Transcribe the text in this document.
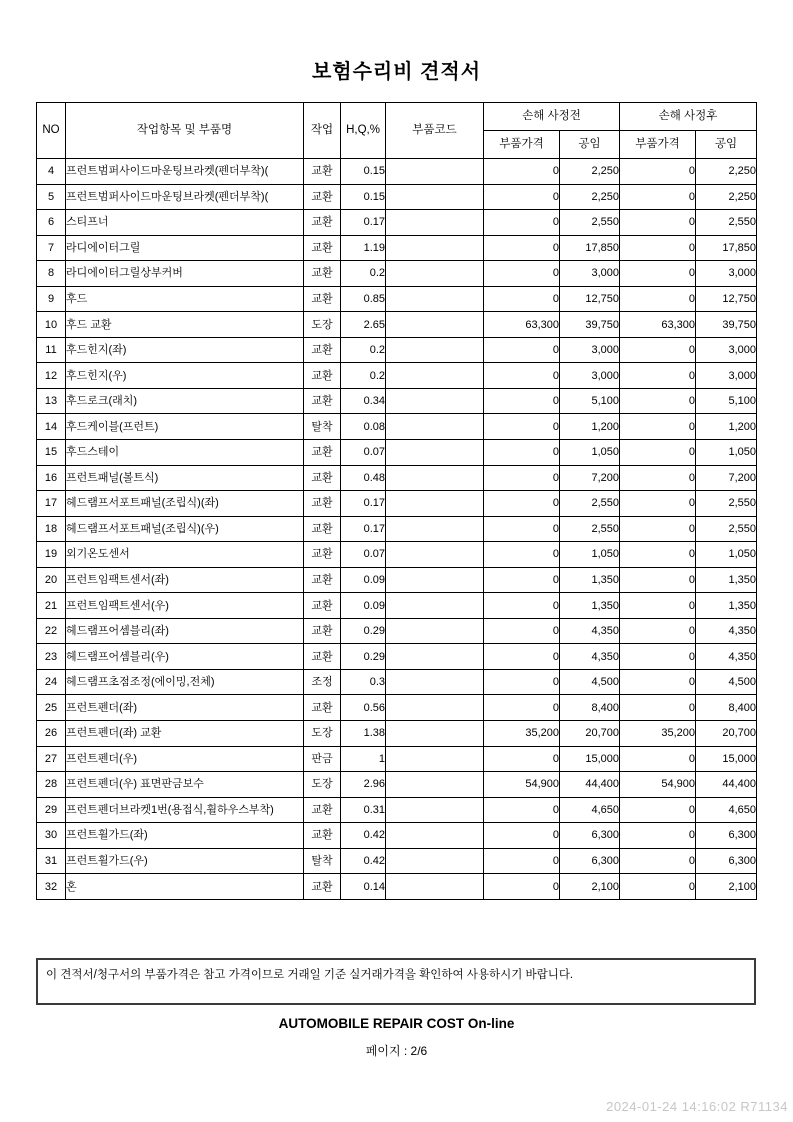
보험수리비 견적서
NO	작업항목 및 부품명	작업	H,Q,%	부품코드	손해 사정전		손해 사정후	
					부품가격	공임	부품가격	공임
4	프런트범퍼사이드마운팅브라켓(펜더부착)(	교환	0.15		0	2,250	0	2,250
5	프런트범퍼사이드마운팅브라켓(펜더부착)(	교환	0.15		0	2,250	0	2,250
6	스티프너	교환	0.17		0	2,550	0	2,550
7	라디에이터그릴	교환	1.19		0	17,850	0	17,850
8	라디에이터그릴상부커버	교환	0.2		0	3,000	0	3,000
9	후드	교환	0.85		0	12,750	0	12,750
10	후드 교환	도장	2.65		63,300	39,750	63,300	39,750
11	후드힌지(좌)	교환	0.2		0	3,000	0	3,000
12	후드힌지(우)	교환	0.2		0	3,000	0	3,000
13	후드로크(래치)	교환	0.34		0	5,100	0	5,100
14	후드케이블(프런트)	탈착	0.08		0	1,200	0	1,200
15	후드스테이	교환	0.07		0	1,050	0	1,050
16	프런트패널(볼트식)	교환	0.48		0	7,200	0	7,200
17	헤드램프서포트패널(조립식)(좌)	교환	0.17		0	2,550	0	2,550
18	헤드램프서포트패널(조립식)(우)	교환	0.17		0	2,550	0	2,550
19	외기온도센서	교환	0.07		0	1,050	0	1,050
20	프런트임팩트센서(좌)	교환	0.09		0	1,350	0	1,350
21	프런트임팩트센서(우)	교환	0.09		0	1,350	0	1,350
22	헤드램프어셈블리(좌)	교환	0.29		0	4,350	0	4,350
23	헤드램프어셈블리(우)	교환	0.29		0	4,350	0	4,350
24	헤드램프초점조정(에이밍,전체)	조정	0.3		0	4,500	0	4,500
25	프런트펜더(좌)	교환	0.56		0	8,400	0	8,400
26	프런트펜더(좌) 교환	도장	1.38		35,200	20,700	35,200	20,700
27	프런트펜더(우)	판금	1		0	15,000	0	15,000
28	프런트펜더(우) 표면판금보수	도장	2.96		54,900	44,400	54,900	44,400
29	프런트펜더브라켓1번(용접식,휠하우스부착)	교환	0.31		0	4,650	0	4,650
30	프런트휠가드(좌)	교환	0.42		0	6,300	0	6,300
31	프런트휠가드(우)	탈착	0.42		0	6,300	0	6,300
32	혼	교환	0.14		0	2,100	0	2,100
이 견적서/청구서의 부품가격은 참고 가격이므로 거래일 기준 실거래가격을 확인하여 사용하시기 바랍니다.
AUTOMOBILE REPAIR COST On-line
페이지 : 2/6
2024-01-24 14:16:02 R71134
